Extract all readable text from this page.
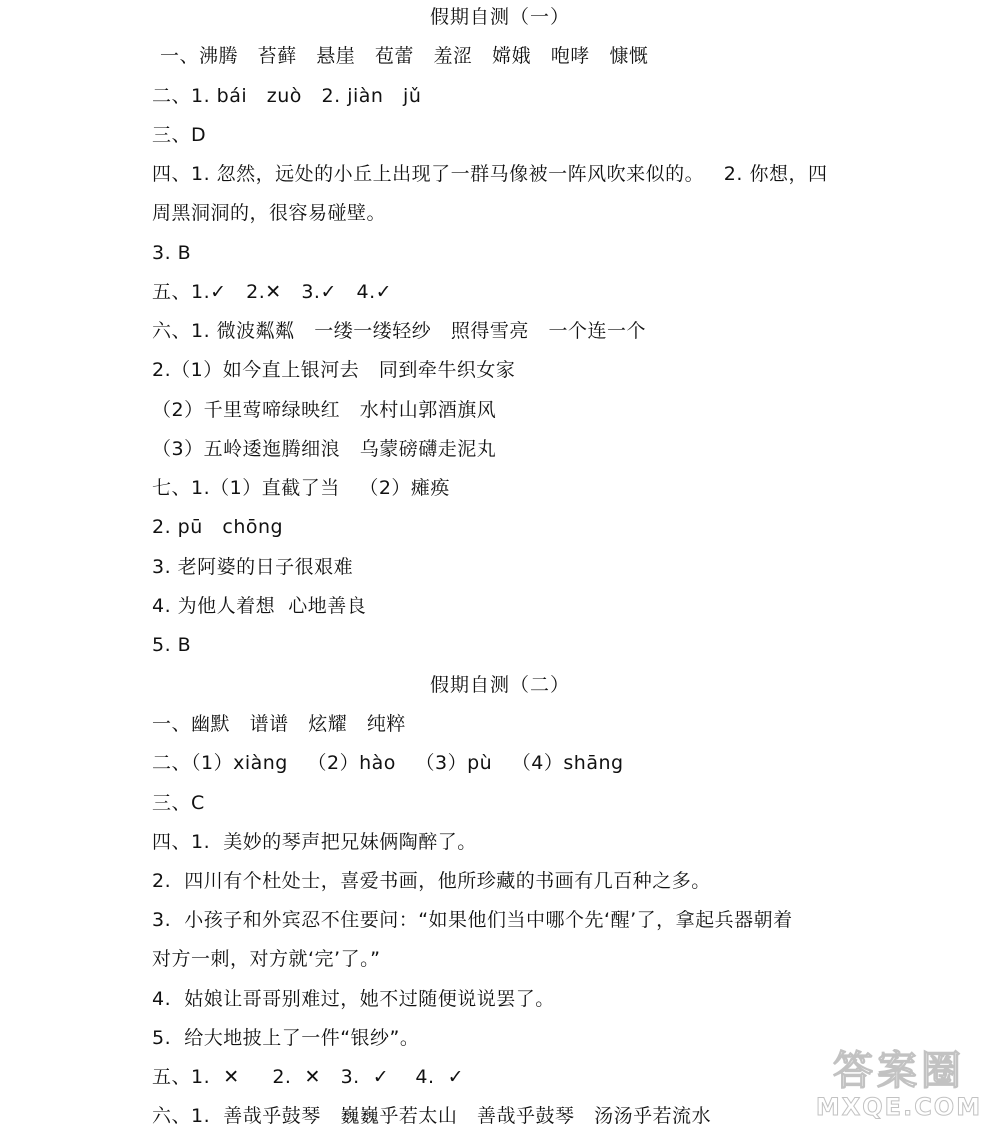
假期自测（一）
一、沸腾   苔藓   悬崖   苞蕾   羞涩   嫦娥   咆哮   慷慨
二、1. bái   zuò   2. jiàn   jǔ
三、D
四、1. 忽然，远处的小丘上出现了一群马像被一阵风吹来似的。   2. 你想，四
周黑洞洞的，很容易碰壁。
3. B
五、1.✓   2.✕   3.✓   4.✓
六、1. 微波粼粼   一缕一缕轻纱   照得雪亮   一个连一个
2.（1）如今直上银河去   同到牵牛织女家
（2）千里莺啼绿映红   水村山郭酒旗风
（3）五岭逶迤腾细浪   乌蒙磅礴走泥丸
七、1.（1）直截了当   （2）瘫痪
2. pū   chōng
3. 老阿婆的日子很艰难
4. 为他人着想  心地善良
5. B
假期自测（二）
一、幽默   谱谱   炫耀   纯粹
二、（1）xiàng   （2）hào   （3）pù   （4）shāng
三、C
四、1.  美妙的琴声把兄妹俩陶醉了。
2.  四川有个杜处士，喜爱书画，他所珍藏的书画有几百种之多。
3.  小孩子和外宾忍不住要问：“如果他们当中哪个先‘醒’了，拿起兵器朝着
对方一刺，对方就‘完’了。”
4.  姑娘让哥哥别难过，她不过随便说说罢了。
5.  给大地披上了一件“银纱”。
五、1.  ✕     2.  ✕   3.  ✓    4.  ✓
六、1.  善哉乎鼓琴   巍巍乎若太山   善哉乎鼓琴   汤汤乎若流水
答案圈
MXQE.COM
